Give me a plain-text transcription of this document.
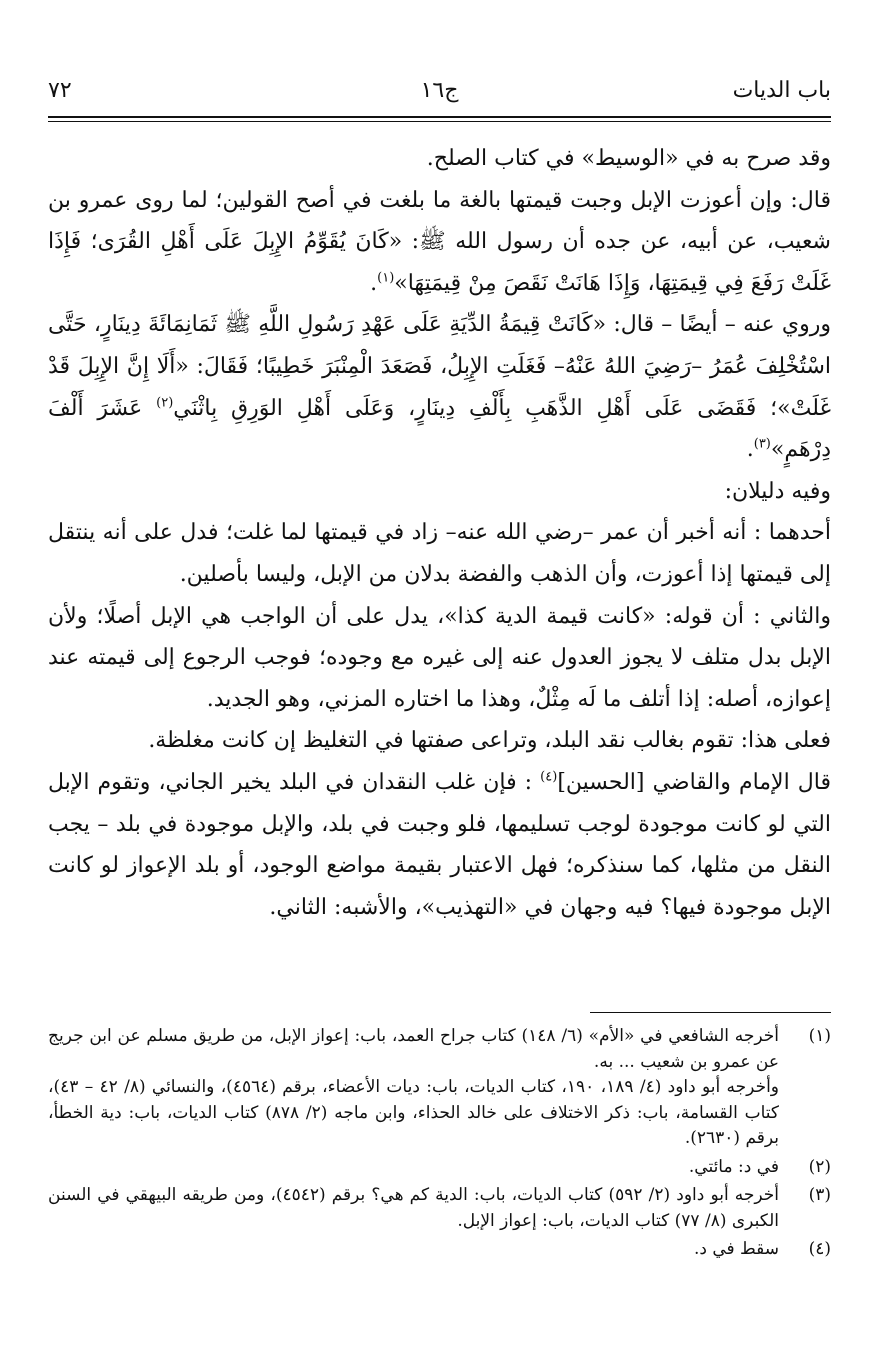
باب الديات
ج١٦
٧٢

وقد صرح به في «الوسيط» في كتاب الصلح.

قال: وإن أعوزت الإبل وجبت قيمتها بالغة ما بلغت في أصح القولين؛ لما روى عمرو بن شعيب، عن أبيه، عن جده أن رسول الله ﷺ: «كَانَ يُقَوِّمُ الإِبِلَ عَلَى أَهْلِ القُرَى؛ فَإِذَا غَلَتْ رَفَعَ فِي قِيمَتِهَا، وَإِذَا هَانَتْ نَقَصَ مِنْ قِيمَتِهَا»$^{(١)}$.

وروي عنه – أيضًا – قال: «كَانَتْ قِيمَةُ الدِّيَةِ عَلَى عَهْدِ رَسُولِ اللَّهِ ﷺ ثَمَانِمَائَةَ دِينَارٍ، حَتَّى اسْتُخْلِفَ عُمَرُ –رَضِيَ اللهُ عَنْهُ– فَغَلَتِ الإِبِلُ، فَصَعَدَ الْمِنْبَرَ خَطِيبًا؛ فَقَالَ: «أَلَا إِنَّ الإِبِلَ قَدْ غَلَتْ»؛ فَقَضَى عَلَى أَهْلِ الذَّهَبِ بِأَلْفِ دِينَارٍ، وَعَلَى أَهْلِ الوَرِقِ بِاثْنَي$^{(٢)}$ عَشَرَ أَلْفَ دِرْهَمٍ»$^{(٣)}$.

وفيه دليلان:

أحدهما : أنه أخبر أن عمر –رضي الله عنه– زاد في قيمتها لما غلت؛ فدل على أنه ينتقل إلى قيمتها إذا أعوزت، وأن الذهب والفضة بدلان من الإبل، وليسا بأصلين.

والثاني : أن قوله: «كانت قيمة الدية كذا»، يدل على أن الواجب هي الإبل أصلًا؛ ولأن الإبل بدل متلف لا يجوز العدول عنه إلى غيره مع وجوده؛ فوجب الرجوع إلى قيمته عند إعوازه، أصله: إذا أتلف ما لَه مِثْلٌ، وهذا ما اختاره المزني، وهو الجديد.

فعلى هذا: تقوم بغالب نقد البلد، وتراعى صفتها في التغليظ إن كانت مغلظة.

قال الإمام والقاضي [الحسين]$^{(٤)}$ : فإن غلب النقدان في البلد يخير الجاني، وتقوم الإبل التي لو كانت موجودة لوجب تسليمها، فلو وجبت في بلد، والإبل موجودة في بلد – يجب النقل من مثلها، كما سنذكره؛ فهل الاعتبار بقيمة مواضع الوجود، أو بلد الإعواز لو كانت الإبل موجودة فيها؟ فيه وجهان في «التهذيب»، والأشبه: الثاني.

(١)

أخرجه الشافعي في «الأم» (٦/ ١٤٨) كتاب جراح العمد، باب: إعواز الإبل، من طريق مسلم عن ابن جريج عن عمرو بن شعيب ... به.

وأخرجه أبو داود (٤/ ١٨٩، ١٩٠، كتاب الديات، باب: ديات الأعضاء، برقم (٤٥٦٤)، والنسائي (٨/ ٤٢ – ٤٣)، كتاب القسامة، باب: ذكر الاختلاف على خالد الحذاء، وابن ماجه (٢/ ٨٧٨) كتاب الديات، باب: دية الخطأ، برقم (٢٦٣٠).

(٢)

في د: مائتي.

(٣)

أخرجه أبو داود (٢/ ٥٩٢) كتاب الديات، باب: الدية كم هي؟ برقم (٤٥٤٢)، ومن طريقه البيهقي في السنن الكبرى (٨/ ٧٧) كتاب الديات، باب: إعواز الإبل.

(٤)

سقط في د.
